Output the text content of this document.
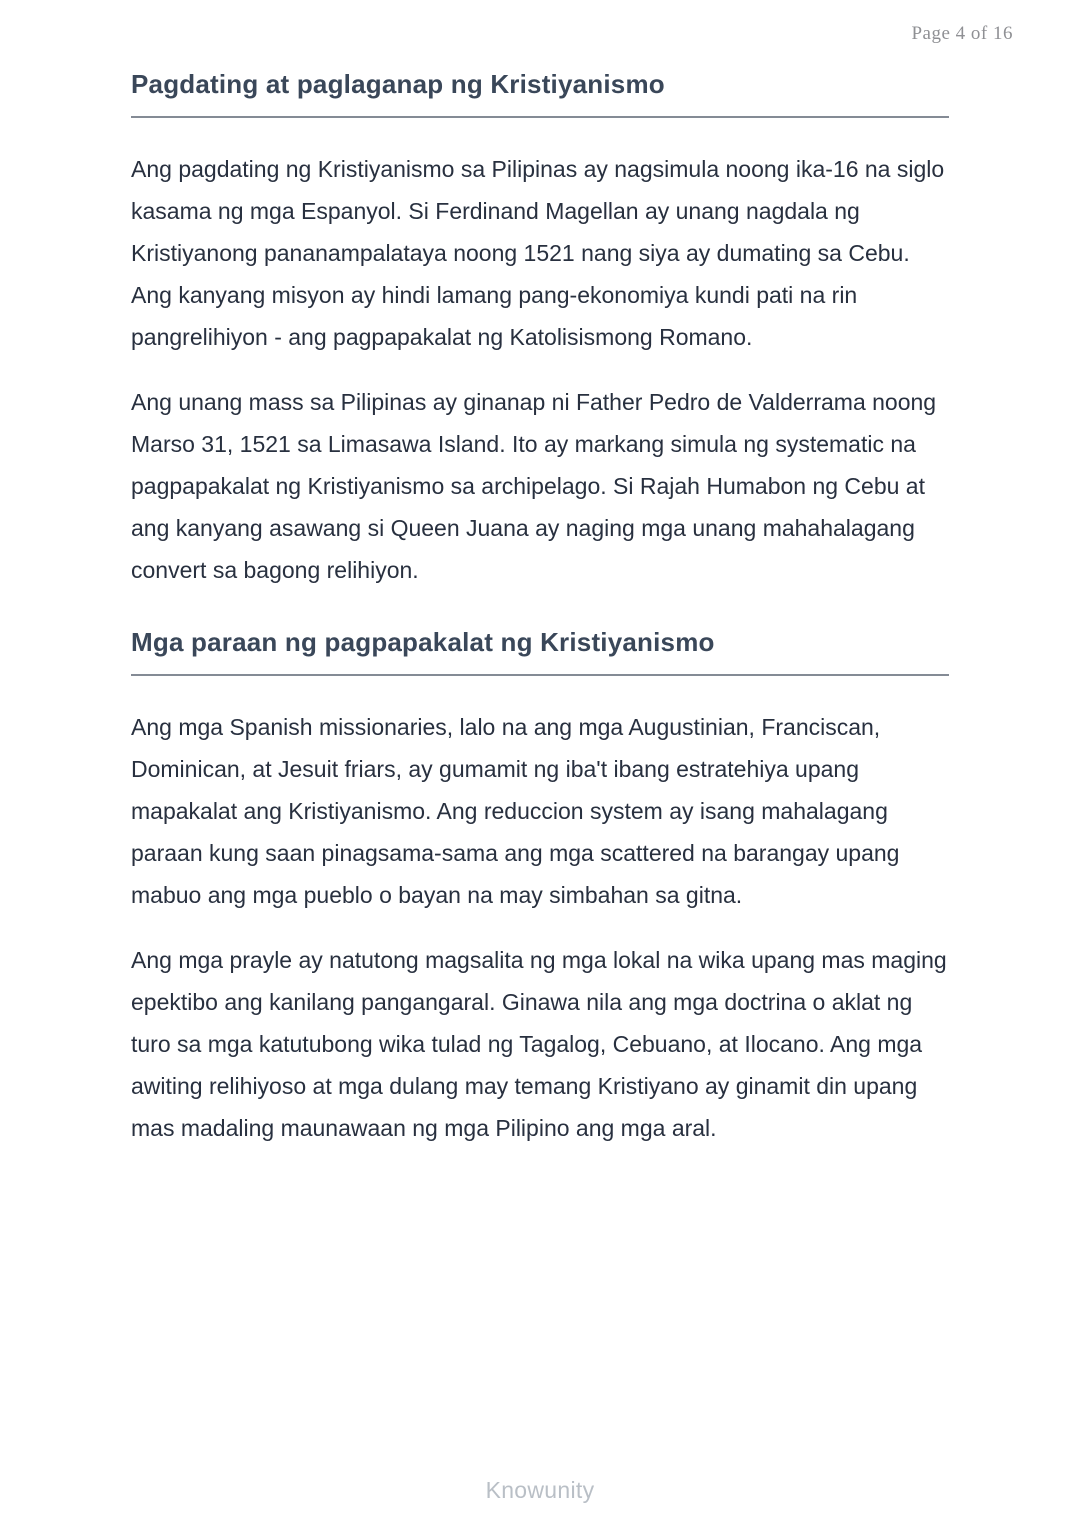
Page 4 of 16
Pagdating at paglaganap ng Kristiyanismo

Ang pagdating ng Kristiyanismo sa Pilipinas ay nagsimula noong ika-16 na siglo kasama ng mga Espanyol. Si Ferdinand Magellan ay unang nagdala ng Kristiyanong pananampalataya noong 1521 nang siya ay dumating sa Cebu. Ang kanyang misyon ay hindi lamang pang-ekonomiya kundi pati na rin pangrelihiyon - ang pagpapakalat ng Katolisismong Romano.

Ang unang mass sa Pilipinas ay ginanap ni Father Pedro de Valderrama noong Marso 31, 1521 sa Limasawa Island. Ito ay markang simula ng systematic na pagpapakalat ng Kristiyanismo sa archipelago. Si Rajah Humabon ng Cebu at ang kanyang asawang si Queen Juana ay naging mga unang mahahalagang convert sa bagong relihiyon.

Mga paraan ng pagpapakalat ng Kristiyanismo

Ang mga Spanish missionaries, lalo na ang mga Augustinian, Franciscan, Dominican, at Jesuit friars, ay gumamit ng iba't ibang estratehiya upang mapakalat ang Kristiyanismo. Ang reduccion system ay isang mahalagang paraan kung saan pinagsama-sama ang mga scattered na barangay upang mabuo ang mga pueblo o bayan na may simbahan sa gitna.

Ang mga prayle ay natutong magsalita ng mga lokal na wika upang mas maging epektibo ang kanilang pangangaral. Ginawa nila ang mga doctrina o aklat ng turo sa mga katutubong wika tulad ng Tagalog, Cebuano, at Ilocano. Ang mga awiting relihiyoso at mga dulang may temang Kristiyano ay ginamit din upang mas madaling maunawaan ng mga Pilipino ang mga aral.

Knowunity
